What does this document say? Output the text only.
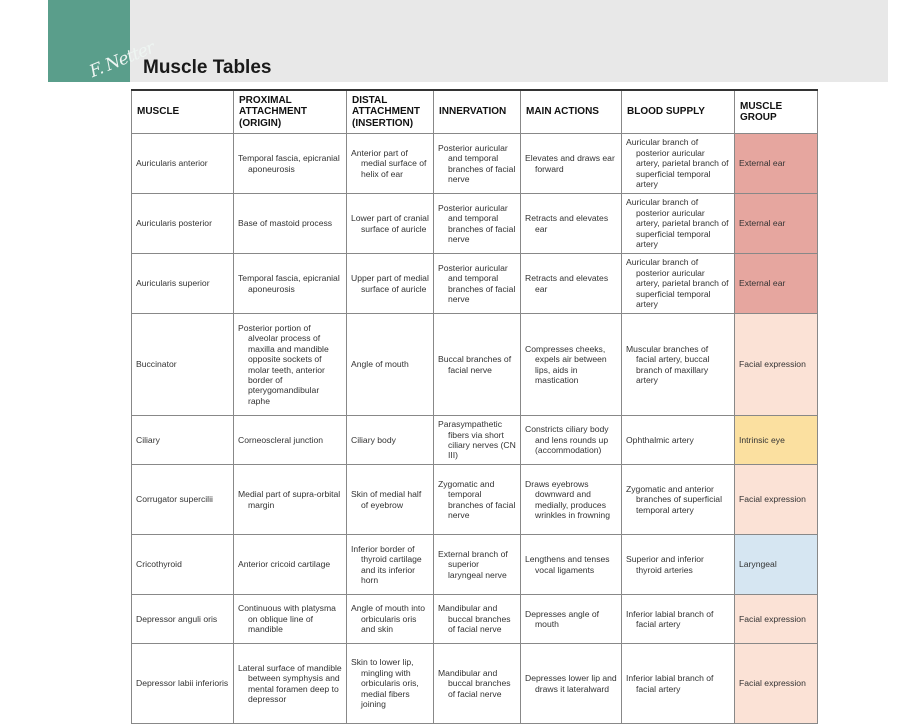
F. Netter
Muscle Tables
MUSCLE	PROXIMAL ATTACHMENT (ORIGIN)	DISTAL ATTACHMENT (INSERTION)	INNERVATION	MAIN ACTIONS	BLOOD SUPPLY	MUSCLE GROUP
Auricularis anterior	Temporal fascia, epicranial aponeurosis	Anterior part of medial surface of helix of ear	Posterior auricular and temporal branches of facial nerve	Elevates and draws ear forward	Auricular branch of posterior auricular artery, parietal branch of superficial temporal artery	External ear
Auricularis posterior	Base of mastoid process	Lower part of cranial surface of auricle	Posterior auricular and temporal branches of facial nerve	Retracts and elevates ear	Auricular branch of posterior auricular artery, parietal branch of superficial temporal artery	External ear
Auricularis superior	Temporal fascia, epicranial aponeurosis	Upper part of medial surface of auricle	Posterior auricular and temporal branches of facial nerve	Retracts and elevates ear	Auricular branch of posterior auricular artery, parietal branch of superficial temporal artery	External ear
Buccinator	Posterior portion of alveolar process of maxilla and mandible opposite sockets of molar teeth, anterior border of pterygomandibular raphe	Angle of mouth	Buccal branches of facial nerve	Compresses cheeks, expels air between lips, aids in mastication	Muscular branches of facial artery, buccal branch of maxillary artery	Facial expression
Ciliary	Corneoscleral junction	Ciliary body	Parasympathetic fibers via short ciliary nerves (CN III)	Constricts ciliary body and lens rounds up (accommodation)	Ophthalmic artery	Intrinsic eye
Corrugator supercilii	Medial part of supra-orbital margin	Skin of medial half of eyebrow	Zygomatic and temporal branches of facial nerve	Draws eyebrows downward and medially, produces wrinkles in frowning	Zygomatic and anterior branches of superficial temporal artery	Facial expression
Cricothyroid	Anterior cricoid cartilage	Inferior border of thyroid cartilage and its inferior horn	External branch of superior laryngeal nerve	Lengthens and tenses vocal ligaments	Superior and inferior thyroid arteries	Laryngeal
Depressor anguli oris	Continuous with platysma on oblique line of mandible	Angle of mouth into orbicularis oris and skin	Mandibular and buccal branches of facial nerve	Depresses angle of mouth	Inferior labial branch of facial artery	Facial expression

Depressor labii inferioris	Lateral surface of mandible between symphysis and mental foramen deep to depressor	Skin to lower lip, mingling with orbicularis oris, medial fibers joining	Mandibular and buccal branches of facial nerve	Depresses lower lip and draws it lateralward	Inferior labial branch of facial artery	Facial expression
